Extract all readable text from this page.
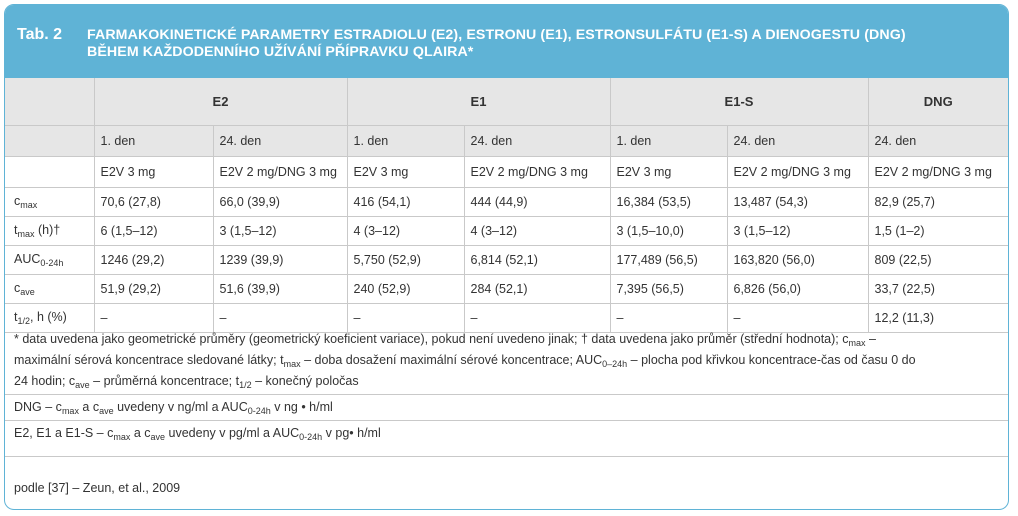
Tab. 2 FARMAKOKINETICKÉ PARAMETRY ESTRADIOLU (E2), ESTRONU (E1), ESTRONSULFÁTU (E1-S) A DIENOGESTU (DNG)
BĚHEM KAŽDODENNÍHO UŽÍVÁNÍ PŘÍPRAVKU QLAIRA*
	E2		E1		E1-S		DNG
	1. den	24. den	1. den	24. den	1. den	24. den	24. den
	E2V 3 mg	E2V 2 mg/DNG 3 mg	E2V 3 mg	E2V 2 mg/DNG 3 mg	E2V 3 mg	E2V 2 mg/DNG 3 mg	E2V 2 mg/DNG 3 mg
$c_{max}$	70,6 (27,8)	66,0 (39,9)	416 (54,1)	444 (44,9)	16,384 (53,5)	13,487 (54,3)	82,9 (25,7)
$t_{max}$ (h)†	6 (1,5–12)	3 (1,5–12)	4 (3–12)	4 (3–12)	3 (1,5–10,0)	3 (1,5–12)	1,5 (1–2)
$AUC_{0-24h}$	1246 (29,2)	1239 (39,9)	5,750 (52,9)	6,814 (52,1)	177,489 (56,5)	163,820 (56,0)	809 (22,5)
$c_{ave}$	51,9 (29,2)	51,6 (39,9)	240 (52,9)	284 (52,1)	7,395 (56,5)	6,826 (56,0)	33,7 (22,5)
$t_{1/2}$, h (%)	–	–	–	–	–	–	12,2 (11,3)
* data uvedena jako geometrické průměry (geometrický koeficient variace), pokud není uvedeno jinak; † data uvedena jako průměr (střední hodnota); $c_{max}$ –
maximální sérová koncentrace sledované látky; $t_{max}$ – doba dosažení maximální sérové koncentrace; $AUC_{0-24h}$ – plocha pod křivkou koncentrace-čas od času 0 do
24 hodin; $c_{ave}$ – průměrná koncentrace; $t_{1/2}$ – konečný poločas
DNG – $c_{max}$ a $c_{ave}$ uvedeny v ng/ml a $AUC_{0-24h}$ v ng • h/ml
E2, E1 a $E1-S - c_{max}$ a $c_{ave}$ uvedeny v pg/ml a $AUC_{0-24h}$ v pg• h/ml
podle [37] – Zeun, et al., 2009
